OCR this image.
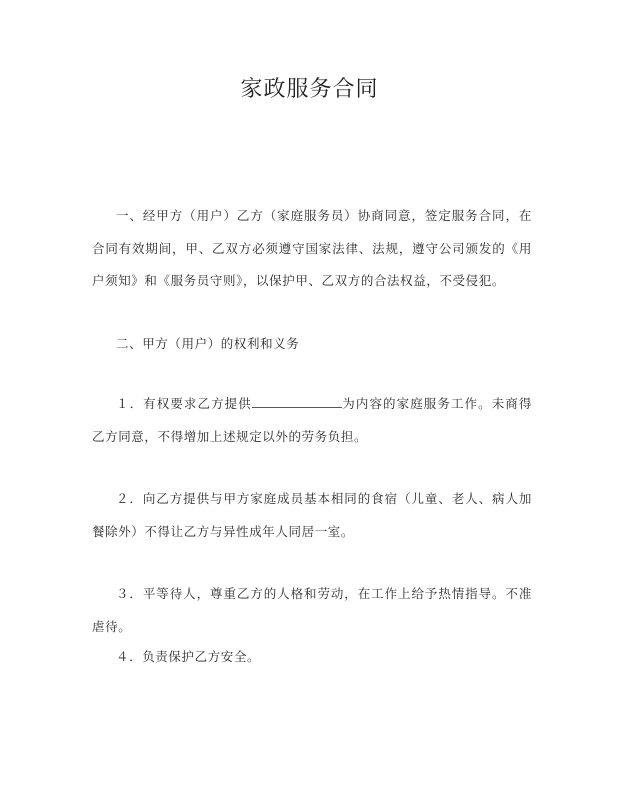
家政服务合同

一、经甲方（用户）乙方（家庭服务员）协商同意，签定服务合同，在合同有效期间，甲、乙双方必须遵守国家法律、法规，遵守公司颁发的《用户须知》和《服务员守则》，以保护甲、乙双方的合法权益，不受侵犯。

二、甲方（用户）的权利和义务

１．有权要求乙方提供	为内容的家庭服务工作。未商得乙方同意，不得增加上述规定以外的劳务负担。

２．向乙方提供与甲方家庭成员基本相同的食宿（儿童、老人、病人加餐除外）不得让乙方与异性成年人同居一室。

３．平等待人，尊重乙方的人格和劳动，在工作上给予热情指导。不准虐待。

４．负责保护乙方安全。
